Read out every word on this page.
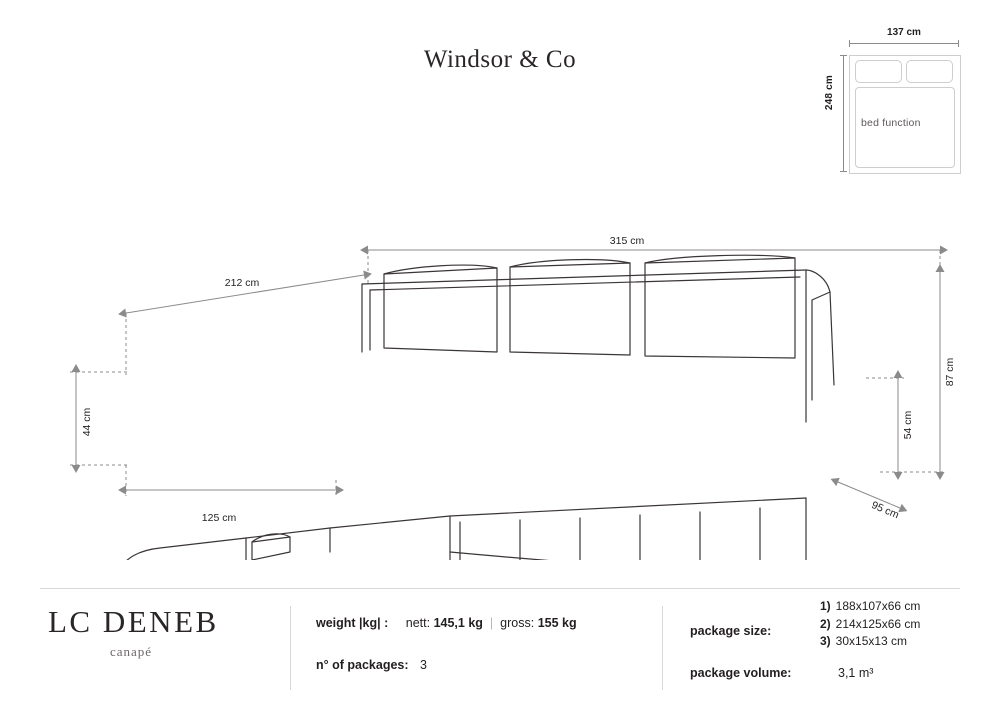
Windsor & Co
137 cm
248 cm
bed function
315 cm
212 cm
44 cm
125 cm
54 cm
87 cm
95 cm
LC DENEB
canapé
weight |kg| : nett: 145,1 kg | gross: 155 kg
n° of packages: 3
package size:
1) 188x107x66 cm
2) 214x125x66 cm
3) 30x15x13 cm
package volume:	3,1 m³
